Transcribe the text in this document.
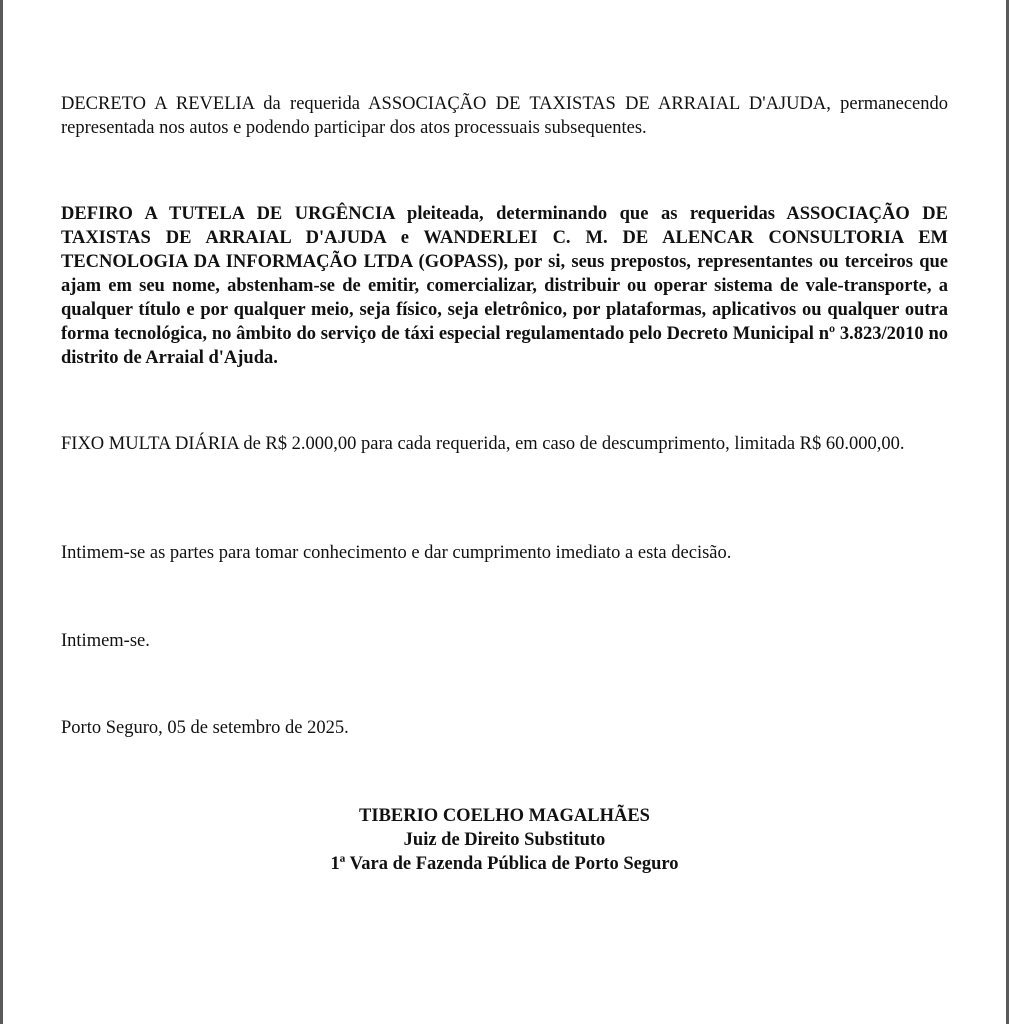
DECRETO A REVELIA da requerida ASSOCIAÇÃO DE TAXISTAS DE ARRAIAL D'AJUDA, permanecendo representada nos autos e podendo participar dos atos processuais subsequentes.

DEFIRO A TUTELA DE URGÊNCIA pleiteada, determinando que as requeridas ASSOCIAÇÃO DE TAXISTAS DE ARRAIAL D'AJUDA e WANDERLEI C. M. DE ALENCAR CONSULTORIA EM TECNOLOGIA DA INFORMAÇÃO LTDA (GOPASS), por si, seus prepostos, representantes ou terceiros que ajam em seu nome, abstenham-se de emitir, comercializar, distribuir ou operar sistema de vale-transporte, a qualquer título e por qualquer meio, seja físico, seja eletrônico, por plataformas, aplicativos ou qualquer outra forma tecnológica, no âmbito do serviço de táxi especial regulamentado pelo Decreto Municipal nº 3.823/2010 no distrito de Arraial d'Ajuda.

FIXO MULTA DIÁRIA de R$ 2.000,00 para cada requerida, em caso de descumprimento, limitada R$ 60.000,00.

Intimem-se as partes para tomar conhecimento e dar cumprimento imediato a esta decisão.

Intimem-se.

Porto Seguro, 05 de setembro de 2025.

TIBERIO COELHO MAGALHÃES
Juiz de Direito Substituto
1ª Vara de Fazenda Pública de Porto Seguro
